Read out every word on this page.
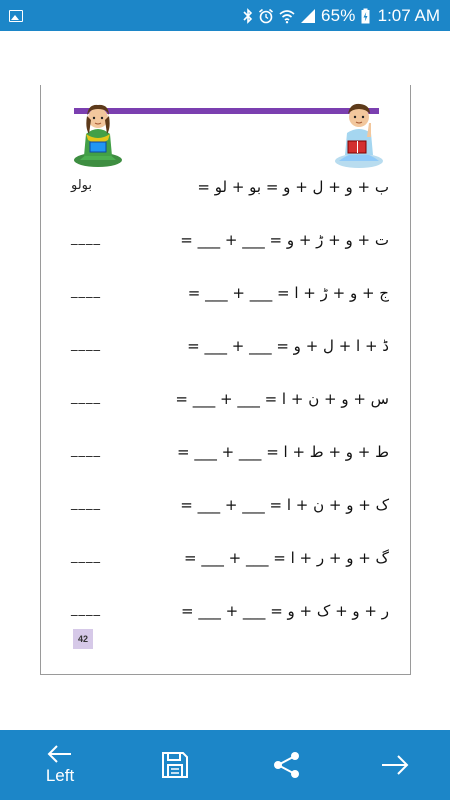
65% 1:07 AM
بولو	ب + و + ل + و = بو + لو =
____	ت + و + ڑ + و = ___ + ___ =
____	ج + و + ڑ + ا = ___ + ___ =
____	ڈ + ا + ل + و = ___ + ___ =
____	س + و + ن + ا = ___ + ___ =
____	ط + و + ط + ا = ___ + ___ =
____	ک + و + ن + ا = ___ + ___ =
____	گ + و + ر + ا = ___ + ___ =
____	ر + و + ک + و = ___ + ___ =
42
Left
